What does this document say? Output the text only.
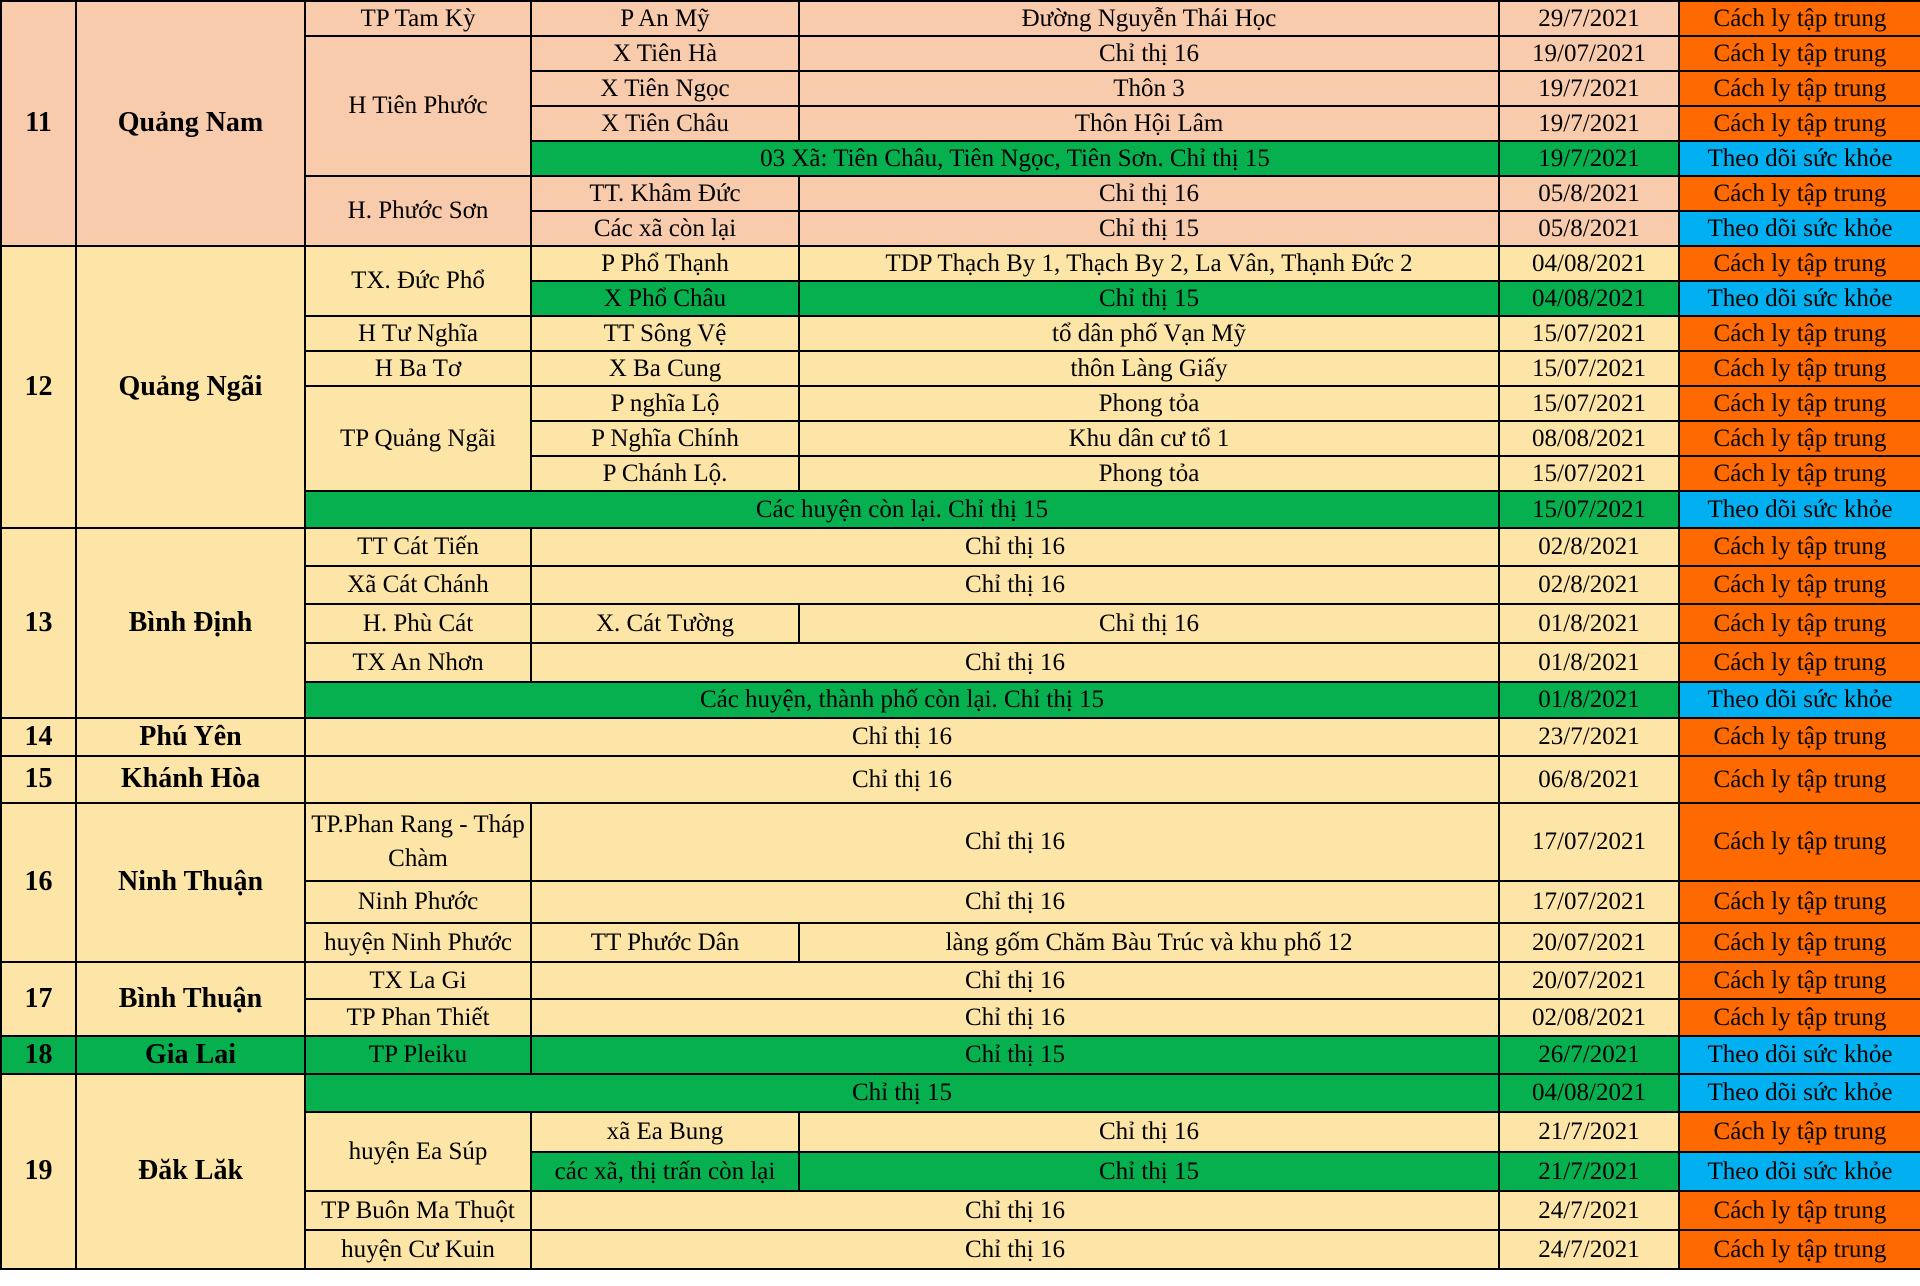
11	Quảng Nam	TP Tam Kỳ	P An Mỹ	Đường Nguyễn Thái Học	29/7/2021	Cách ly tập trung
		H Tiên Phước	X Tiên Hà	Chỉ thị 16	19/07/2021	Cách ly tập trung
			X Tiên Ngọc	Thôn 3	19/7/2021	Cách ly tập trung
			X Tiên Châu	Thôn Hội Lâm	19/7/2021	Cách ly tập trung
			03 Xã: Tiên Châu, Tiên Ngọc, Tiên Sơn. Chỉ thị 15		19/7/2021	Theo dõi sức khỏe
		H. Phước Sơn	TT. Khâm Đức	Chỉ thị 16	05/8/2021	Cách ly tập trung
			Các xã còn lại	Chỉ thị 15	05/8/2021	Theo dõi sức khỏe
12	Quảng Ngãi	TX. Đức Phổ	P Phổ Thạnh	TDP Thạch By 1, Thạch By 2, La Vân, Thạnh Đức 2	04/08/2021	Cách ly tập trung
			X Phổ Châu	Chỉ thị 15	04/08/2021	Theo dõi sức khỏe
		H Tư Nghĩa	TT Sông Vệ	tổ dân phố Vạn Mỹ	15/07/2021	Cách ly tập trung
		H Ba Tơ	X Ba Cung	thôn Làng Giấy	15/07/2021	Cách ly tập trung
		TP Quảng Ngãi	P nghĩa Lộ	Phong tỏa	15/07/2021	Cách ly tập trung
			P Nghĩa Chính	Khu dân cư tổ 1	08/08/2021	Cách ly tập trung
			P Chánh Lộ.	Phong tỏa	15/07/2021	Cách ly tập trung
		Các huyện còn lại. Chỉ thị 15			15/07/2021	Theo dõi sức khỏe
13	Bình Định	TT Cát Tiến	Chỉ thị 16		02/8/2021	Cách ly tập trung
		Xã Cát Chánh	Chỉ thị 16		02/8/2021	Cách ly tập trung
		H. Phù Cát	X. Cát Tường	Chỉ thị 16	01/8/2021	Cách ly tập trung
		TX An Nhơn	Chỉ thị 16		01/8/2021	Cách ly tập trung
		Các huyện, thành phố còn lại. Chỉ thị 15			01/8/2021	Theo dõi sức khỏe
14	Phú Yên	Chỉ thị 16			23/7/2021	Cách ly tập trung
15	Khánh Hòa	Chỉ thị 16			06/8/2021	Cách ly tập trung
16	Ninh Thuận	TP.Phan Rang - Tháp Chàm	Chỉ thị 16		17/07/2021	Cách ly tập trung
		Ninh Phước	Chỉ thị 16		17/07/2021	Cách ly tập trung
		huyện Ninh Phước	TT Phước Dân	làng gốm Chăm Bàu Trúc và khu phố 12	20/07/2021	Cách ly tập trung
17	Bình Thuận	TX La Gi	Chỉ thị 16		20/07/2021	Cách ly tập trung
		TP Phan Thiết	Chỉ thị 16		02/08/2021	Cách ly tập trung
18	Gia Lai	TP Pleiku	Chỉ thị 15		26/7/2021	Theo dõi sức khỏe
19	Đăk Lăk	Chỉ thị 15			04/08/2021	Theo dõi sức khỏe
		huyện Ea Súp	xã Ea Bung	Chỉ thị 16	21/7/2021	Cách ly tập trung
			các xã, thị trấn còn lại	Chỉ thị 15	21/7/2021	Theo dõi sức khỏe
		TP Buôn Ma Thuột	Chỉ thị 16		24/7/2021	Cách ly tập trung
		huyện Cư Kuin	Chỉ thị 16		24/7/2021	Cách ly tập trung
